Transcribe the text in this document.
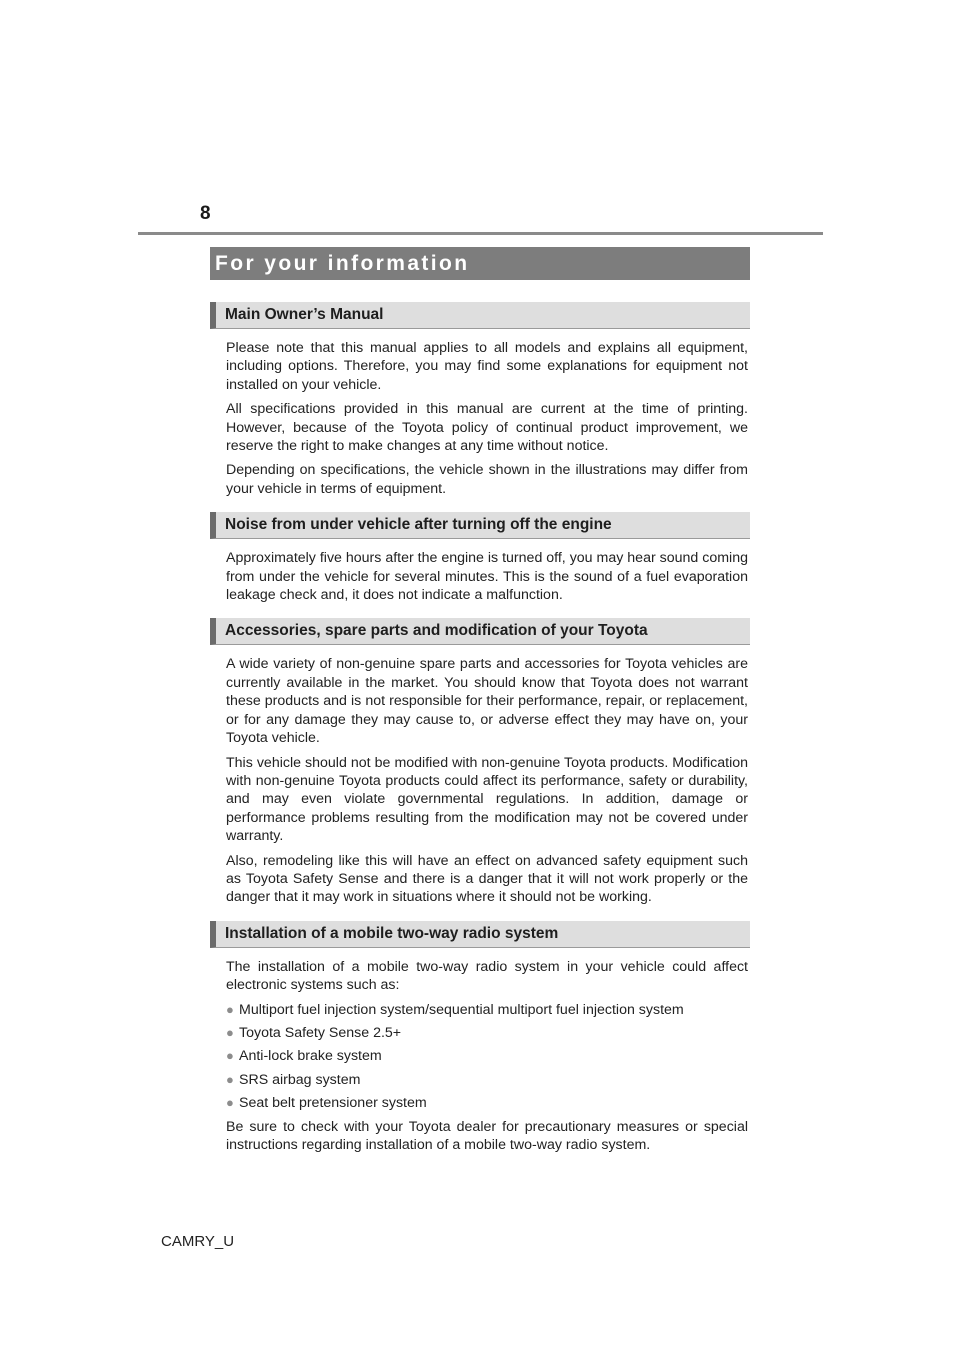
8
For your information
Main Owner’s Manual

Please note that this manual applies to all models and explains all equipment, including options. Therefore, you may find some explanations for equipment not installed on your vehicle.

All specifications provided in this manual are current at the time of printing. However, because of the Toyota policy of continual product improvement, we reserve the right to make changes at any time without notice.

Depending on specifications, the vehicle shown in the illustrations may differ from your vehicle in terms of equipment.

Noise from under vehicle after turning off the engine

Approximately five hours after the engine is turned off, you may hear sound coming from under the vehicle for several minutes. This is the sound of a fuel evaporation leakage check and, it does not indicate a malfunction.

Accessories, spare parts and modification of your Toyota

A wide variety of non-genuine spare parts and accessories for Toyota vehicles are currently available in the market. You should know that Toyota does not warrant these products and is not responsible for their performance, repair, or replacement, or for any damage they may cause to, or adverse effect they may have on, your Toyota vehicle.

This vehicle should not be modified with non-genuine Toyota products. Modification with non-genuine Toyota products could affect its performance, safety or durability, and may even violate governmental regulations. In addition, damage or performance problems resulting from the modification may not be covered under warranty.

Also, remodeling like this will have an effect on advanced safety equipment such as Toyota Safety Sense and there is a danger that it will not work properly or the danger that it may work in situations where it should not be working.

Installation of a mobile two-way radio system

The installation of a mobile two-way radio system in your vehicle could affect electronic systems such as:

● Multiport fuel injection system/sequential multiport fuel injection system
● Toyota Safety Sense 2.5+
● Anti-lock brake system
● SRS airbag system
● Seat belt pretensioner system

Be sure to check with your Toyota dealer for precautionary measures or special instructions regarding installation of a mobile two-way radio system.

CAMRY_U
